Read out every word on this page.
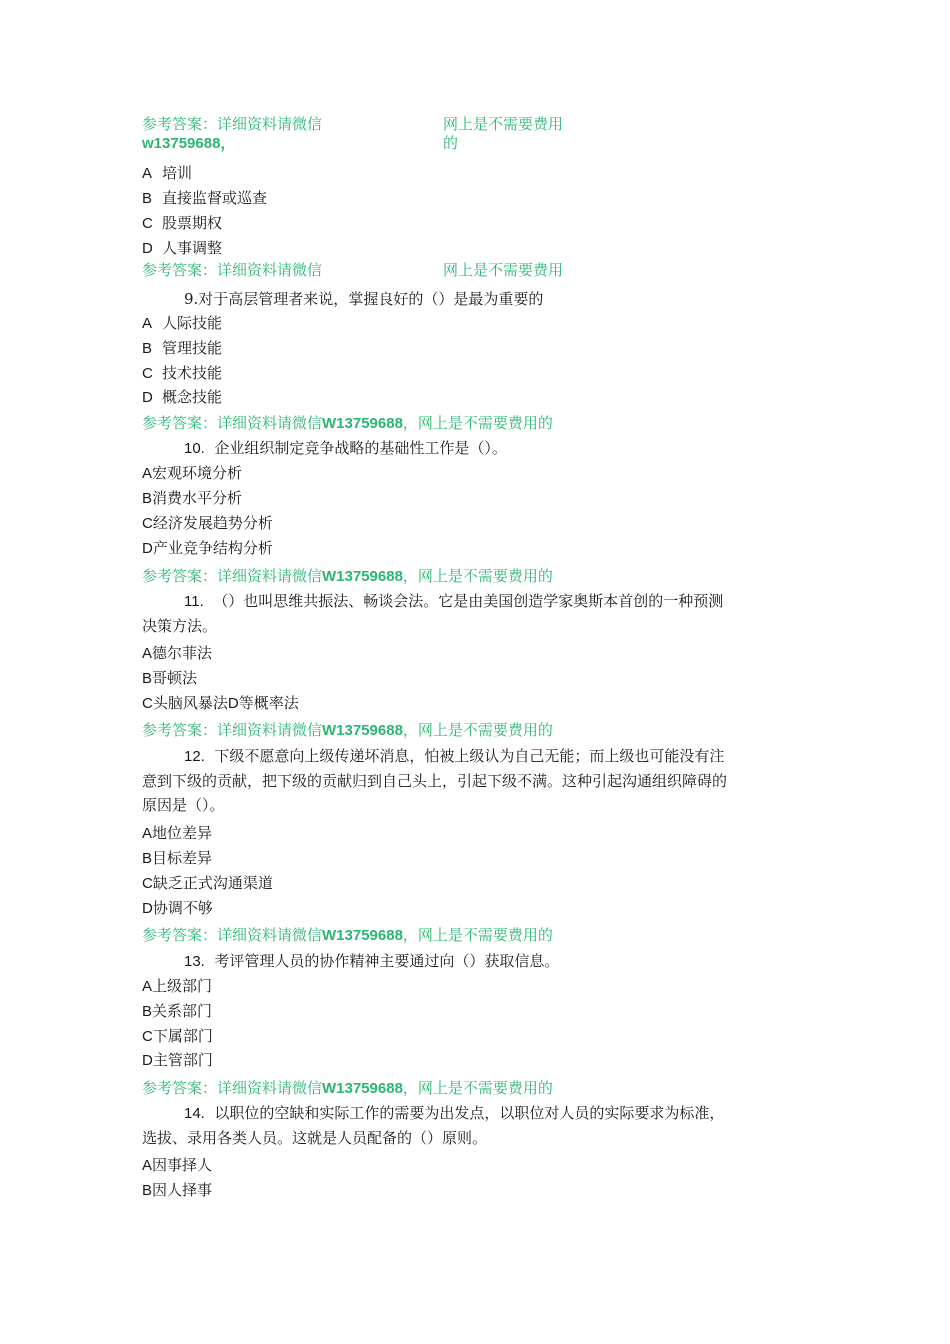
参考答案：详细资料请微信
w13759688，
网上是不需要费用
的
A 培训
B 直接监督或巡查
C 股票期权
D 人事调整
参考答案：详细资料请微信	网上是不需要费用
9.对于高层管理者来说，掌握良好的（）是最为重要的
A 人际技能
B 管理技能
C 技术技能
D 概念技能
参考答案：详细资料请微信W13759688，网上是不需要费用的
10. 企业组织制定竞争战略的基础性工作是（）。
A宏观环境分析
B消费水平分析
C经济发展趋势分析
D产业竞争结构分析
参考答案：详细资料请微信W13759688，网上是不需要费用的
11. （）也叫思维共振法、畅谈会法。它是由美国创造学家奥斯本首创的一种预测
决策方法。
A德尔菲法
B哥顿法
C头脑风暴法D等概率法
参考答案：详细资料请微信W13759688，网上是不需要费用的
12. 下级不愿意向上级传递坏消息，怕被上级认为自己无能；而上级也可能没有注
意到下级的贡献，把下级的贡献归到自己头上，引起下级不满。这种引起沟通组织障碍的
原因是（）。
A地位差异
B目标差异
C缺乏正式沟通渠道
D协调不够
参考答案：详细资料请微信W13759688，网上是不需要费用的
13. 考评管理人员的协作精神主要通过向（）获取信息。
A上级部门
B关系部门
C下属部门
D主管部门
参考答案：详细资料请微信W13759688，网上是不需要费用的
14. 以职位的空缺和实际工作的需要为出发点，以职位对人员的实际要求为标准，
选拔、录用各类人员。这就是人员配备的（）原则。
A因事择人
B因人择事
